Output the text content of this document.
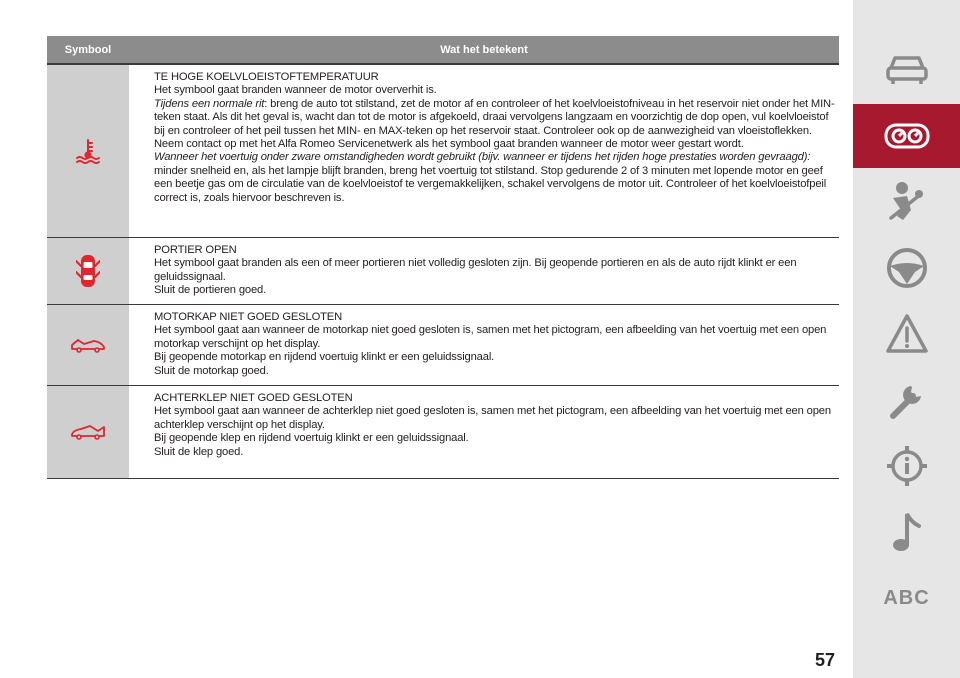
Symbool	Wat het betekent

TE HOGE KOELVLOEISTOFTEMPERATUUR

Het symbool gaat branden wanneer de motor oververhit is.

Tijdens een normale rit: breng de auto tot stilstand, zet de motor af en controleer of het koelvloeistofniveau in het reservoir niet onder het MIN-teken staat. Als dit het geval is, wacht dan tot de motor is afgekoeld, draai vervolgens langzaam en voorzichtig de dop open, vul koelvloeistof bij en controleer of het peil tussen het MIN- en MAX-teken op het reservoir staat. Controleer ook op de aanwezigheid van vloeistoflekken. Neem contact op met het Alfa Romeo Servicenetwerk als het symbool gaat branden wanneer de motor weer gestart wordt.

Wanneer het voertuig onder zware omstandigheden wordt gebruikt (bijv. wanneer er tijdens het rijden hoge prestaties worden gevraagd): minder snelheid en, als het lampje blijft branden, breng het voertuig tot stilstand. Stop gedurende 2 of 3 minuten met lopende motor en geef een beetje gas om de circulatie van de koelvloeistof te vergemakkelijken, schakel vervolgens de motor uit. Controleer of het koelvloeistofpeil correct is, zoals hiervoor beschreven is.

PORTIER OPEN

Het symbool gaat branden als een of meer portieren niet volledig gesloten zijn. Bij geopende portieren en als de auto rijdt klinkt er een geluidssignaal.

Sluit de portieren goed.

MOTORKAP NIET GOED GESLOTEN

Het symbool gaat aan wanneer de motorkap niet goed gesloten is, samen met het pictogram, een afbeelding van het voertuig met een open motorkap verschijnt op het display.

Bij geopende motorkap en rijdend voertuig klinkt er een geluidssignaal.

Sluit de motorkap goed.

ACHTERKLEP NIET GOED GESLOTEN

Het symbool gaat aan wanneer de achterklep niet goed gesloten is, samen met het pictogram, een afbeelding van het voertuig met een open achterklep verschijnt op het display.

Bij geopende klep en rijdend voertuig klinkt er een geluidssignaal.

Sluit de klep goed.

ABC
57
